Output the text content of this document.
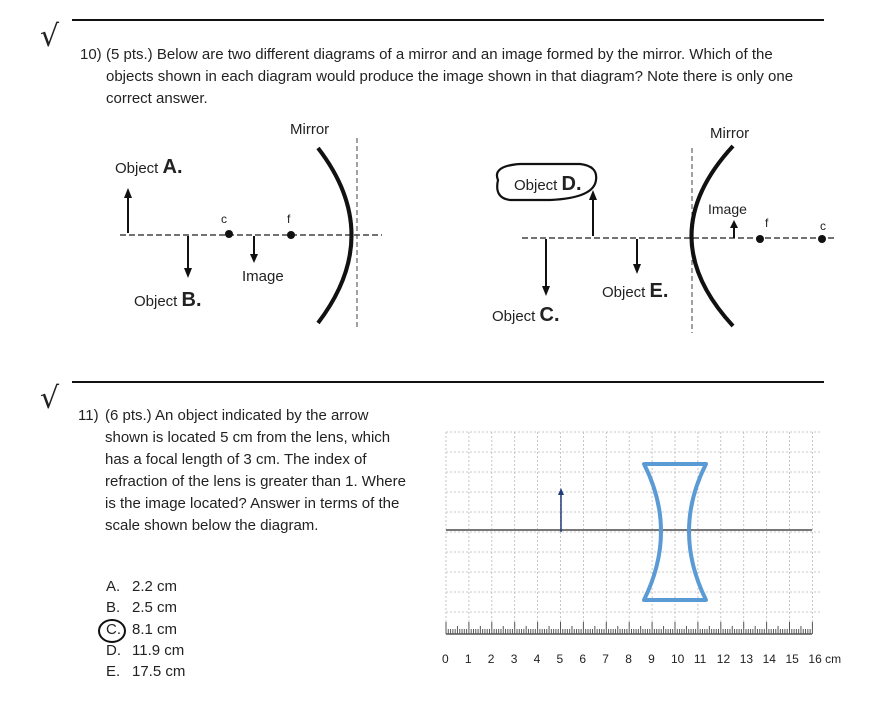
√
10) (5 pts.) Below are two different diagrams of a mirror and an image formed by the mirror. Which of the objects shown in each diagram would produce the image shown in that diagram? Note there is only one correct answer.
Mirror
Object A.
c	f
Image
Object B.
Mirror
Object D.
Image
f	c
Object E.
Object C.
√ 11) (6 pts.) An object indicated by the arrow shown is located 5 cm from the lens, which has a focal length of 3 cm. The index of refraction of the lens is greater than 1. Where is the image located? Answer in terms of the scale shown below the diagram.
A. 2.2 cm
B. 2.5 cm
C. 8.1 cm
D. 11.9 cm
E. 17.5 cm
0 1 2 3 4 5 6 7 8 9 10 11 12 13 14 15 16 cm
